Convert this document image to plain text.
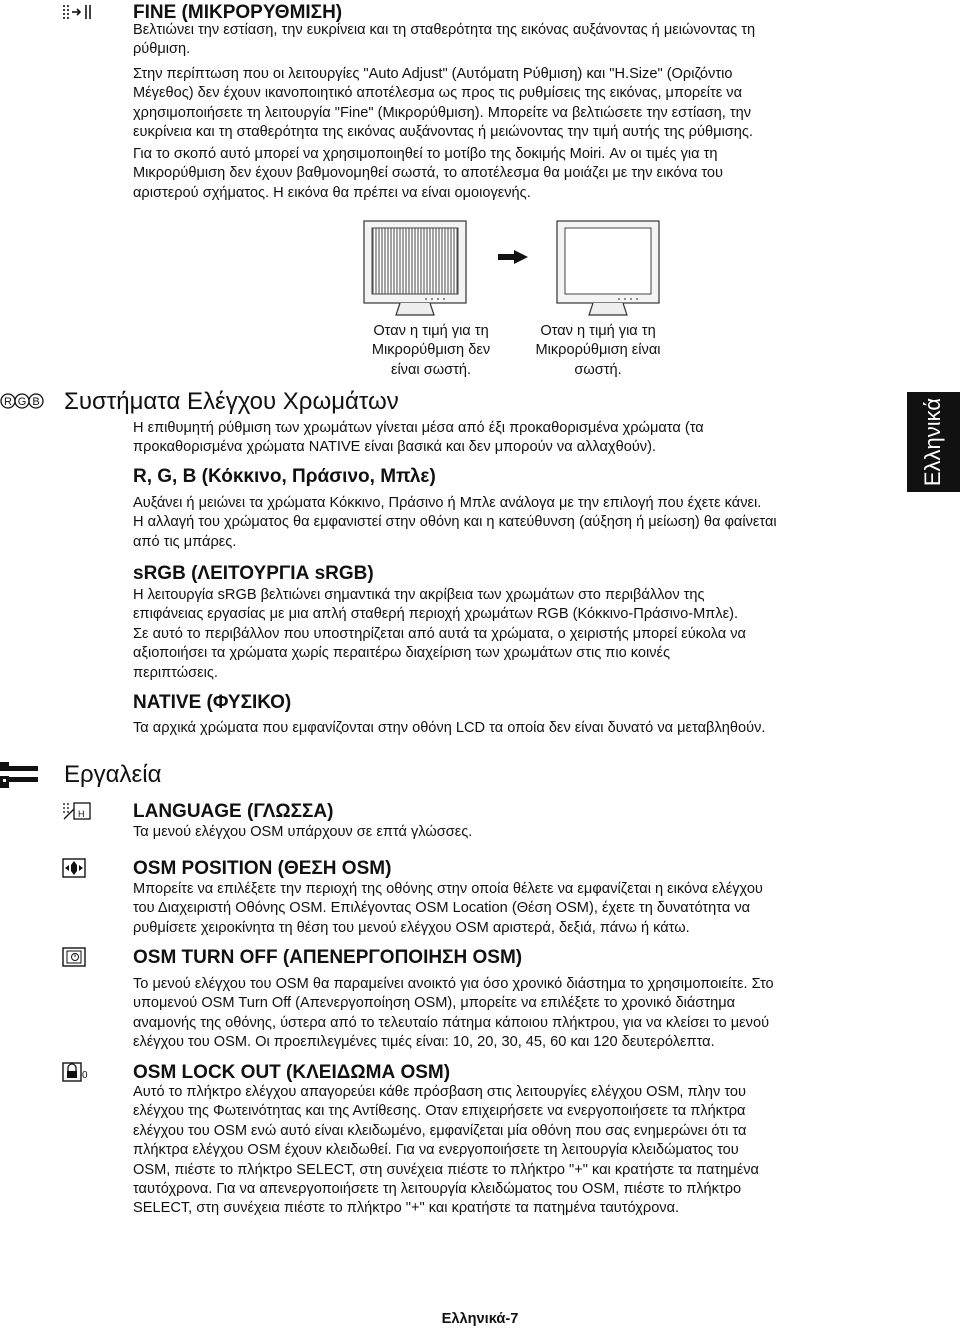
FINE (ΜΙΚΡΟΡΥΘΜΙΣΗ)
Βελτιώνει την εστίαση, την ευκρίνεια και τη σταθερότητα της εικόνας αυξάνοντας ή μειώνοντας τη
ρύθμιση.
Στην περίπτωση που οι λειτουργίες "Auto Adjust" (Αυτόματη Ρύθμιση) και "H.Size" (Οριζόντιο
Μέγεθος) δεν έχουν ικανοποιητικό αποτέλεσμα ως προς τις ρυθμίσεις της εικόνας, μπορείτε να
χρησιμοποιήσετε τη λειτουργία "Fine" (Μικρορύθμιση). Μπορείτε να βελτιώσετε την εστίαση, την
ευκρίνεια και τη σταθερότητα της εικόνας αυξάνοντας ή μειώνοντας την τιμή αυτής της ρύθμισης.
Για το σκοπό αυτό μπορεί να χρησιμοποιηθεί το μοτίβο της δοκιμής Moiri. Αν οι τιμές για τη
Μικρορύθμιση δεν έχουν βαθμονομηθεί σωστά, το αποτέλεσμα θα μοιάζει με την εικόνα του
αριστερού σχήματος. Η εικόνα θα πρέπει να είναι ομοιογενής.
Οταν η τιμή για τη
Μικρορύθμιση δεν
είναι σωστή.
Οταν η τιμή για τη
Μικρορύθμιση είναι
σωστή.
R G B Συστήματα Ελέγχου Χρωμάτων
Η επιθυμητή ρύθμιση των χρωμάτων γίνεται μέσα από έξι προκαθορισμένα χρώματα (τα
προκαθορισμένα χρώματα NATIVE είναι βασικά και δεν μπορούν να αλλαχθούν).
R, G, B (Κόκκινο, Πράσινο, Μπλε)
Αυξάνει ή μειώνει τα χρώματα Κόκκινο, Πράσινο ή Μπλε ανάλογα με την επιλογή που έχετε κάνει.
Η αλλαγή του χρώματος θα εμφανιστεί στην οθόνη και η κατεύθυνση (αύξηση ή μείωση) θα φαίνεται
από τις μπάρες.
sRGB (ΛΕΙΤΟΥΡΓΙΑ sRGB)
Η λειτουργία sRGB βελτιώνει σημαντικά την ακρίβεια των χρωμάτων στο περιβάλλον της
επιφάνειας εργασίας με μια απλή σταθερή περιοχή χρωμάτων RGB (Κόκκινο-Πράσινο-Μπλε).
Σε αυτό το περιβάλλον που υποστηρίζεται από αυτά τα χρώματα, ο χειριστής μπορεί εύκολα να
αξιοποιήσει τα χρώματα χωρίς περαιτέρω διαχείριση των χρωμάτων στις πιο κοινές
περιπτώσεις.
NATIVE (ΦΥΣΙΚΟ)
Τα αρχικά χρώματα που εμφανίζονται στην οθόνη LCD τα οποία δεν είναι δυνατό να μεταβληθούν.
Ελληνικά
Εργαλεία
H	LANGUAGE (ΓΛΩΣΣΑ)
Τα μενού ελέγχου OSM υπάρχουν σε επτά γλώσσες.
OSM POSITION (ΘΕΣΗ OSM)
Μπορείτε να επιλέξετε την περιοχή της οθόνης στην οποία θέλετε να εμφανίζεται η εικόνα ελέγχου
του Διαχειριστή Οθόνης OSM. Επιλέγοντας OSM Location (Θέση OSM), έχετε τη δυνατότητα να
ρυθμίσετε χειροκίνητα τη θέση του μενού ελέγχου OSM αριστερά, δεξιά, πάνω ή κάτω.
OSM TURN OFF (ΑΠΕΝΕΡΓΟΠΟΙΗΣΗ OSM)
Το μενού ελέγχου του OSM θα παραμείνει ανοικτό για όσο χρονικό διάστημα το χρησιμοποιείτε. Στο
υπομενού OSM Turn Off (Απενεργοποίηση OSM), μπορείτε να επιλέξετε το χρονικό διάστημα
αναμονής της οθόνης, ύστερα από το τελευταίο πάτημα κάποιου πλήκτρου, για να κλείσει το μενού
ελέγχου του OSM. Οι προεπιλεγμένες τιμές είναι: 10, 20, 30, 45, 60 και 120 δευτερόλεπτα.
0 OSM LOCK OUT (ΚΛΕΙΔΩΜΑ OSM)
Αυτό το πλήκτρο ελέγχου απαγορεύει κάθε πρόσβαση στις λειτουργίες ελέγχου OSM, πλην του
ελέγχου της Φωτεινότητας και της Αντίθεσης. Οταν επιχειρήσετε να ενεργοποιήσετε τα πλήκτρα
ελέγχου του OSM ενώ αυτό είναι κλειδωμένο, εμφανίζεται μία οθόνη που σας ενημερώνει ότι τα
πλήκτρα ελέγχου OSM έχουν κλειδωθεί. Για να ενεργοποιήσετε τη λειτουργία κλειδώματος του
OSM, πιέστε το πλήκτρο SELECT, στη συνέχεια πιέστε το πλήκτρο "+" και κρατήστε τα πατημένα
ταυτόχρονα. Για να απενεργοποιήσετε τη λειτουργία κλειδώματος του OSM, πιέστε το πλήκτρο
SELECT, στη συνέχεια πιέστε το πλήκτρο "+" και κρατήστε τα πατημένα ταυτόχρονα.
Ελληνικά-7
